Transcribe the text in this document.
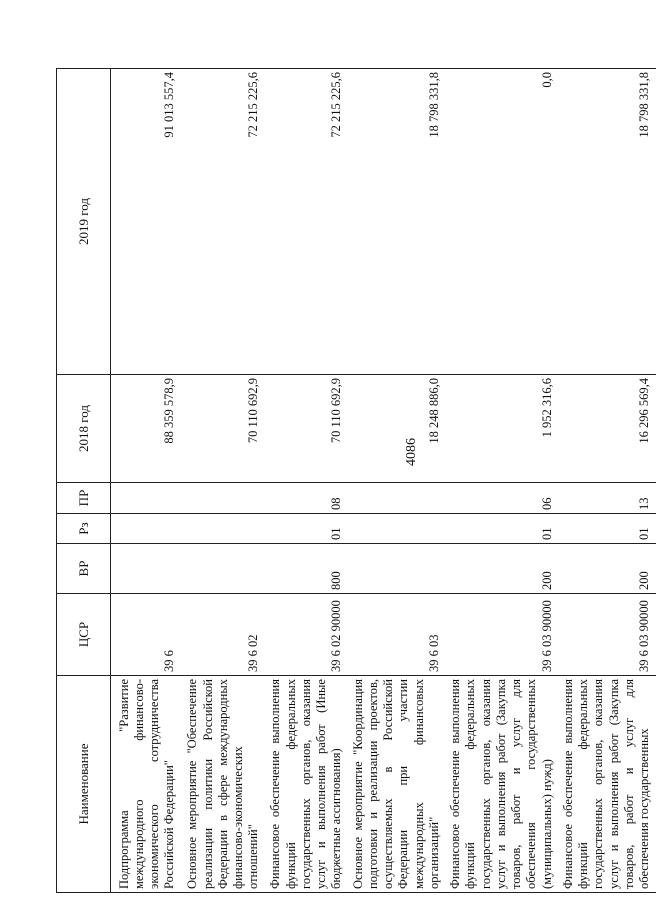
4086
Наименование	ЦСР	ВР	Рз	ПР	2018 год	2019 год
Подпрограмма "Развитие международного финансово-экономического сотрудничества Российской Федерации"	39 6				88 359 578,9	91 013 557,4
Основное мероприятие "Обеспечение реализации политики Российской Федерации в сфере международных финансово-экономических отношений"	39 6 02				70 110 692,9	72 215 225,6
Финансовое обеспечение выполнения функций федеральных государственных органов, оказания услуг и выполнения работ (Иные бюджетные ассигнования)	39 6 02 90000	800	01	08	70 110 692,9	72 215 225,6
Основное мероприятие "Координация подготовки и реализации проектов, осуществляемых в Российской Федерации при участии международных финансовых организаций"	39 6 03				18 248 886,0	18 798 331,8
Финансовое обеспечение выполнения функций федеральных государственных органов, оказания услуг и выполнения работ (Закупка товаров, работ и услуг для обеспечения государственных (муниципальных) нужд)	39 6 03 90000	200	01	06	1 952 316,6	0,0
Финансовое обеспечение выполнения функций федеральных государственных органов, оказания услуг и выполнения работ (Закупка товаров, работ и услуг для обеспечения государственных	39 6 03 90000	200	01	13	16 296 569,4	18 798 331,8
